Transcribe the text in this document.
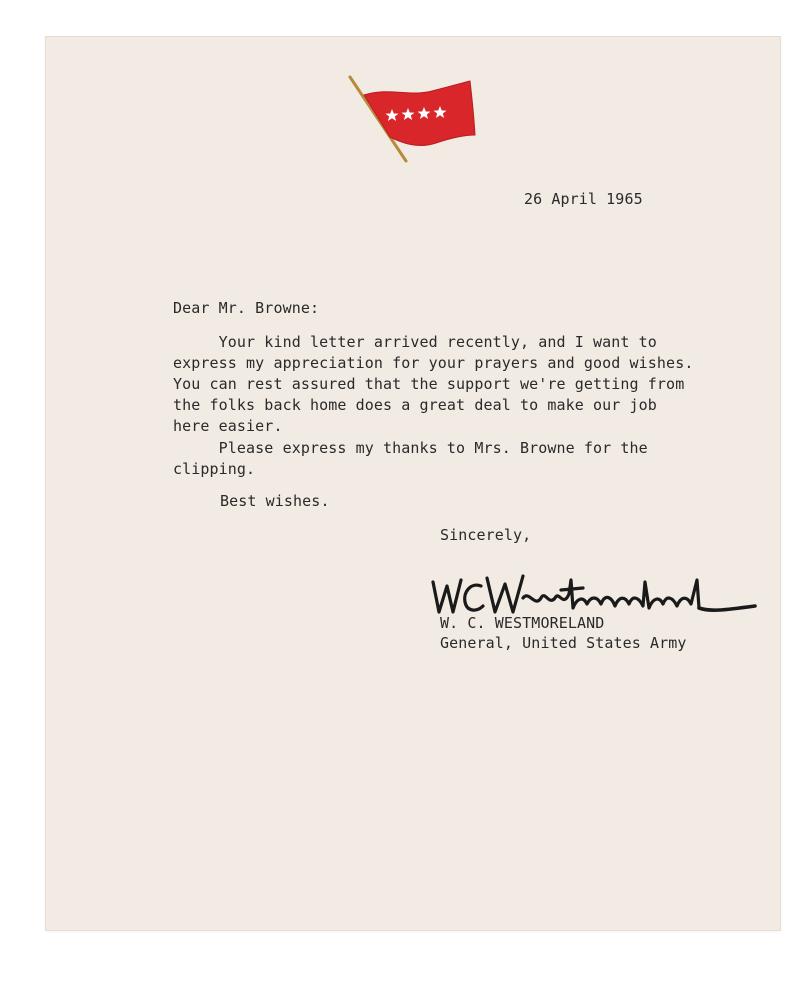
26 April 1965
Dear Mr. Browne:
Your kind letter arrived recently, and I want to
express my appreciation for your prayers and good wishes.
You can rest assured that the support we're getting from
the folks back home does a great deal to make our job
here easier.
Please express my thanks to Mrs. Browne for the
clipping.
Best wishes.
Sincerely,
W. C. WESTMORELAND
General, United States Army
